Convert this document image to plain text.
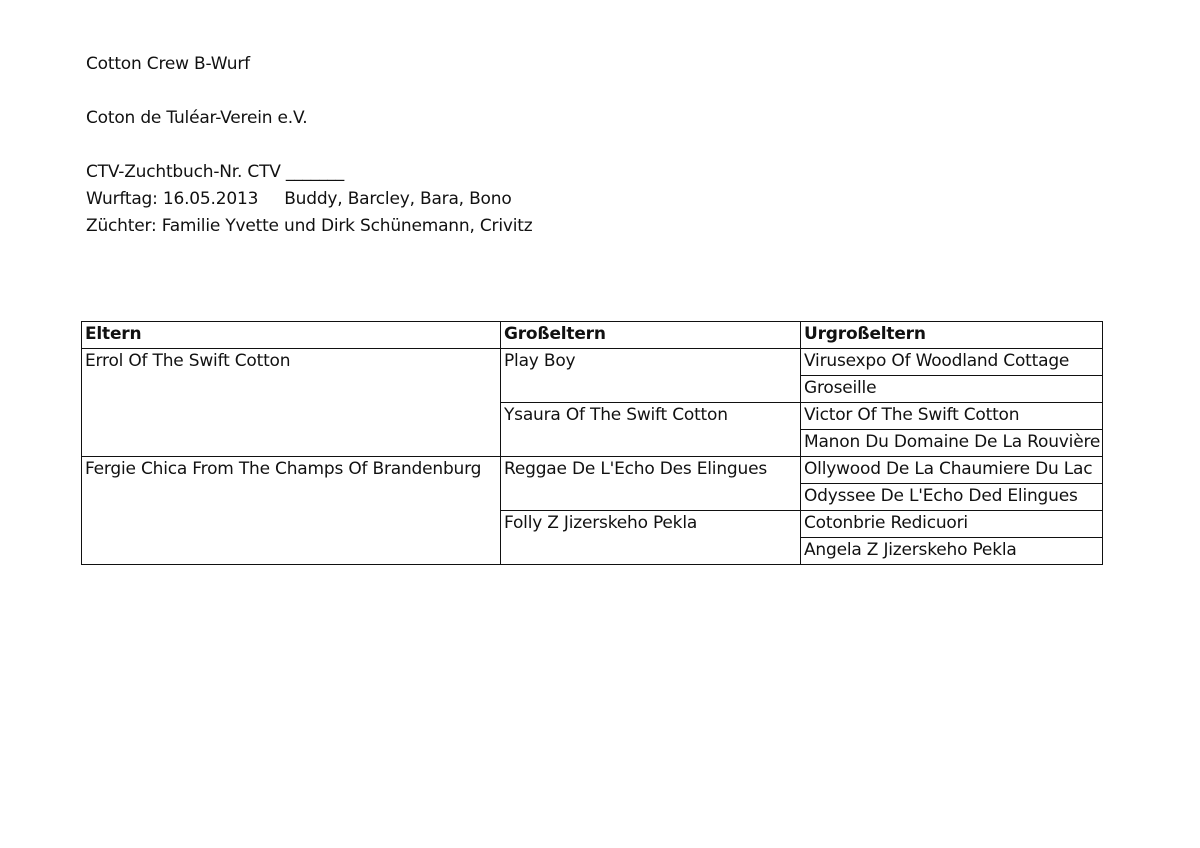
Cotton Crew B-Wurf
Coton de Tuléar-Verein e.V.
CTV-Zuchtbuch-Nr. CTV _______
Wurftag: 16.05.2013 Buddy, Barcley, Bara, Bono
Züchter: Familie Yvette und Dirk Schünemann, Crivitz
Eltern	Großeltern	Urgroßeltern
Errol Of The Swift Cotton	Play Boy	Virusexpo Of Woodland Cottage
		Groseille
	Ysaura Of The Swift Cotton	Victor Of The Swift Cotton
		Manon Du Domaine De La Rouvière
Fergie Chica From The Champs Of Brandenburg	Reggae De L'Echo Des Elingues	Ollywood De La Chaumiere Du Lac
		Odyssee De L'Echo Ded Elingues
	Folly Z Jizerskeho Pekla	Cotonbrie Redicuori
		Angela Z Jizerskeho Pekla
